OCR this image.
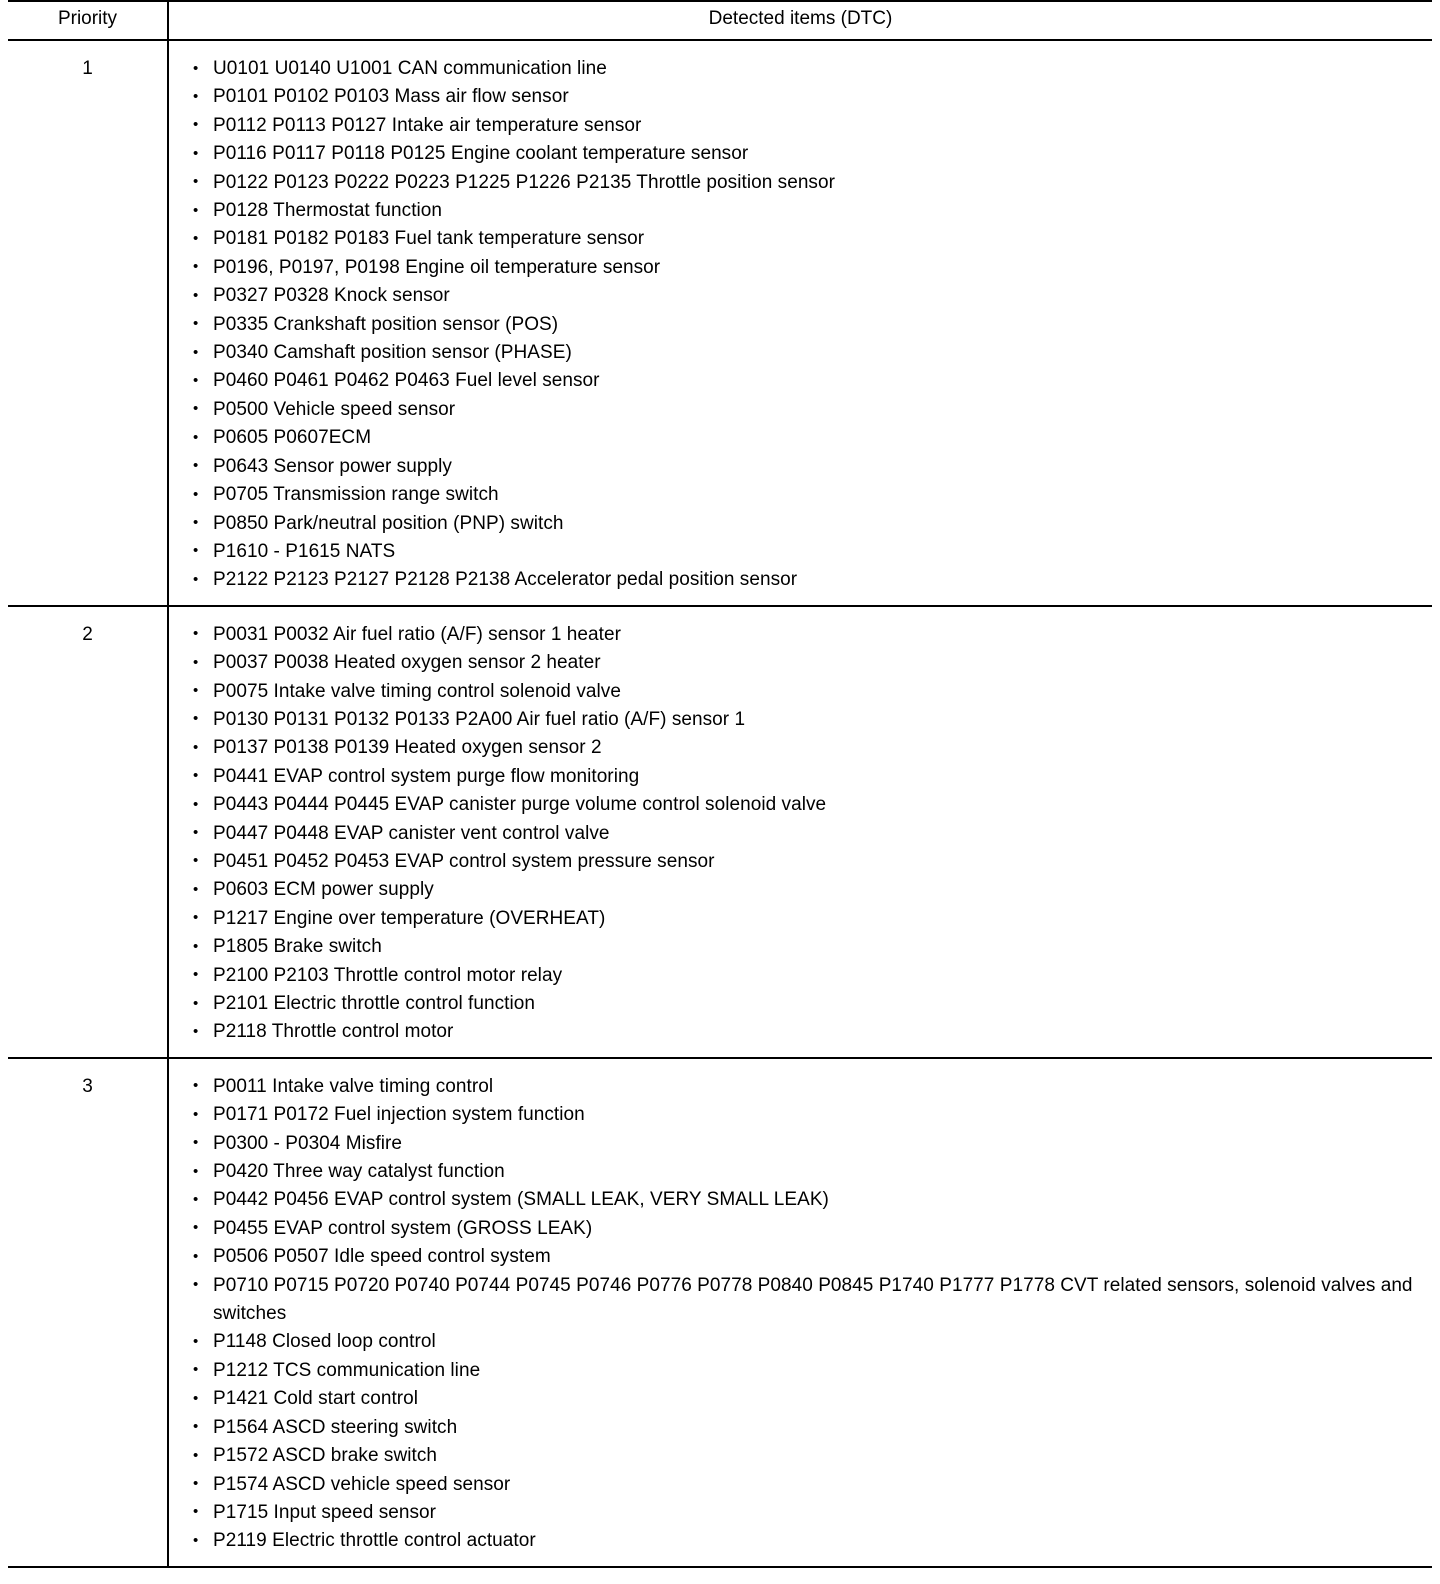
Priority	Detected items (DTC)

1

•U0101 U0140 U1001 CAN communication line
• P0101 P0102 P0103 Mass air flow sensor
• P0112 P0113 P0127 Intake air temperature sensor
• P0116 P0117 P0118 P0125 Engine coolant temperature sensor
• P0122 P0123 P0222 P0223 P1225 P1226 P2135 Throttle position sensor
• P0128 Thermostat function
• P0181 P0182 P0183 Fuel tank temperature sensor
• P0196, P0197, P0198 Engine oil temperature sensor
• P0327 P0328 Knock sensor
• P0335 Crankshaft position sensor (POS)
• P0340 Camshaft position sensor (PHASE)
• P0460 P0461 P0462 P0463 Fuel level sensor
• P0500 Vehicle speed sensor
• P0605 P0607ECM
• P0643 Sensor power supply
• P0705 Transmission range switch
• P0850 Park/neutral position (PNP) switch
• P1610 - P1615 NATS
• P2122 P2123 P2127 P2128 P2138 Accelerator pedal position sensor

2

•P0031 P0032 Air fuel ratio (A/F) sensor 1 heater
• P0037 P0038 Heated oxygen sensor 2 heater
• P0075 Intake valve timing control solenoid valve
• P0130 P0131 P0132 P0133 P2A00 Air fuel ratio (A/F) sensor 1
• P0137 P0138 P0139 Heated oxygen sensor 2
• P0441 EVAP control system purge flow monitoring
• P0443 P0444 P0445 EVAP canister purge volume control solenoid valve
• P0447 P0448 EVAP canister vent control valve
• P0451 P0452 P0453 EVAP control system pressure sensor
• P0603 ECM power supply
• P1217 Engine over temperature (OVERHEAT)
• P1805 Brake switch
• P2100 P2103 Throttle control motor relay
• P2101 Electric throttle control function
• P2118 Throttle control motor

3

•P0011 Intake valve timing control
• P0171 P0172 Fuel injection system function
• P0300 - P0304 Misfire
• P0420 Three way catalyst function
• P0442 P0456 EVAP control system (SMALL LEAK, VERY SMALL LEAK)
• P0455 EVAP control system (GROSS LEAK)
• P0506 P0507 Idle speed control system
• P0710 P0715 P0720 P0740 P0744 P0745 P0746 P0776 P0778 P0840 P0845 P1740 P1777 P1778 CVT related sensors, solenoid valves and switches
• P1148 Closed loop control
• P1212 TCS communication line
• P1421 Cold start control
• P1564 ASCD steering switch
• P1572 ASCD brake switch
• P1574 ASCD vehicle speed sensor
• P1715 Input speed sensor
• P2119 Electric throttle control actuator
